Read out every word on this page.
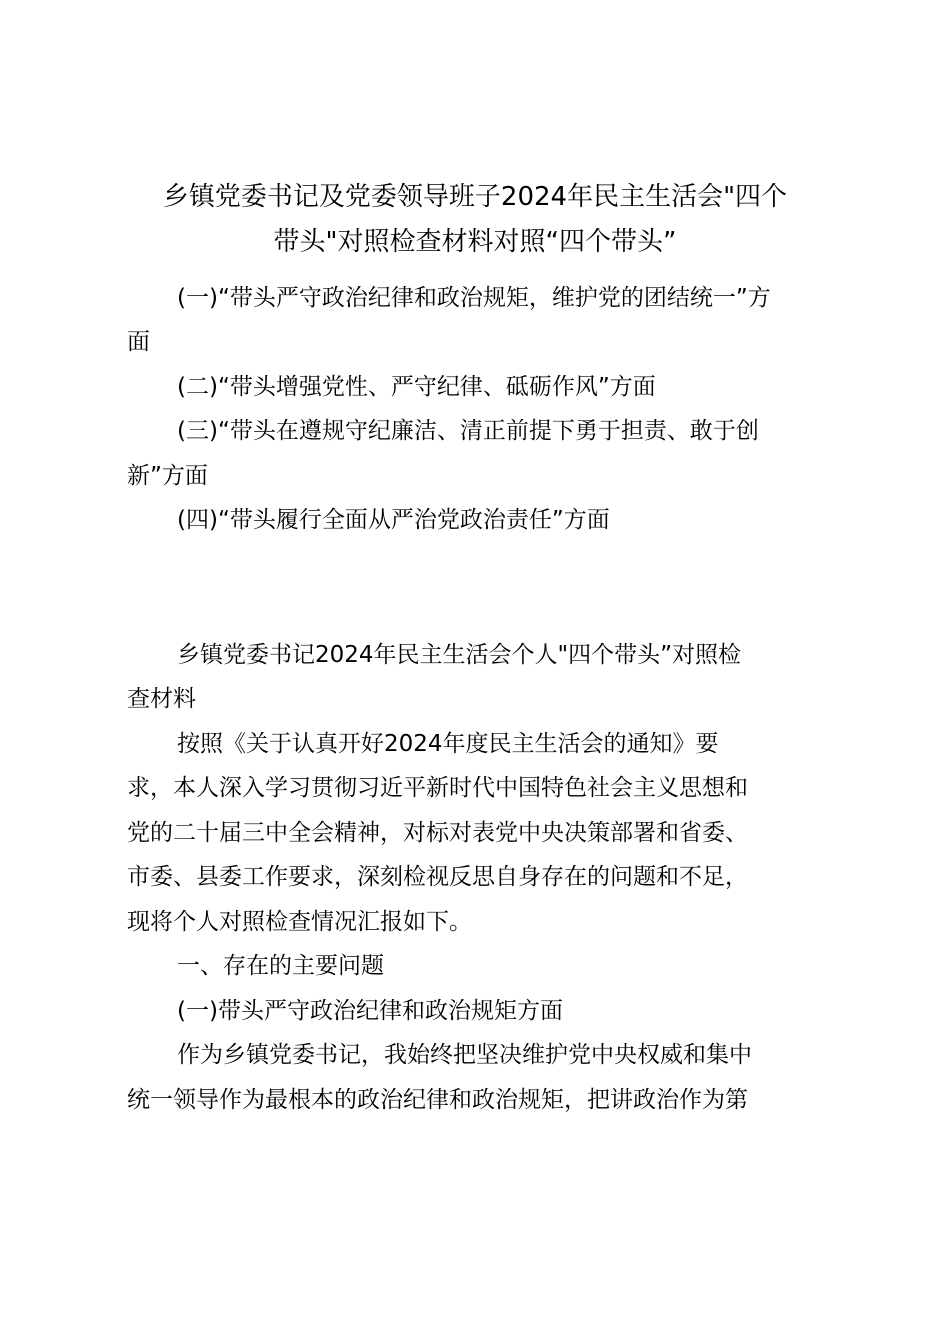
乡镇党委书记及党委领导班子2024年民主生活会"四个
带头"对照检查材料对照“四个带头”
(一)“带头严守政治纪律和政治规矩，维护党的团结统一”方
面
(二)“带头增强党性、严守纪律、砥砺作风”方面
(三)“带头在遵规守纪廉洁、清正前提下勇于担责、敢于创
新”方面
(四)“带头履行全面从严治党政治责任”方面
乡镇党委书记2024年民主生活会个人"四个带头”对照检
查材料
按照《关于认真开好2024年度民主生活会的通知》要
求，本人深入学习贯彻习近平新时代中国特色社会主义思想和
党的二十届三中全会精神，对标对表党中央决策部署和省委、
市委、县委工作要求，深刻检视反思自身存在的问题和不足，
现将个人对照检查情况汇报如下。
一、存在的主要问题
(一)带头严守政治纪律和政治规矩方面
作为乡镇党委书记，我始终把坚决维护党中央权威和集中
统一领导作为最根本的政治纪律和政治规矩，把讲政治作为第
